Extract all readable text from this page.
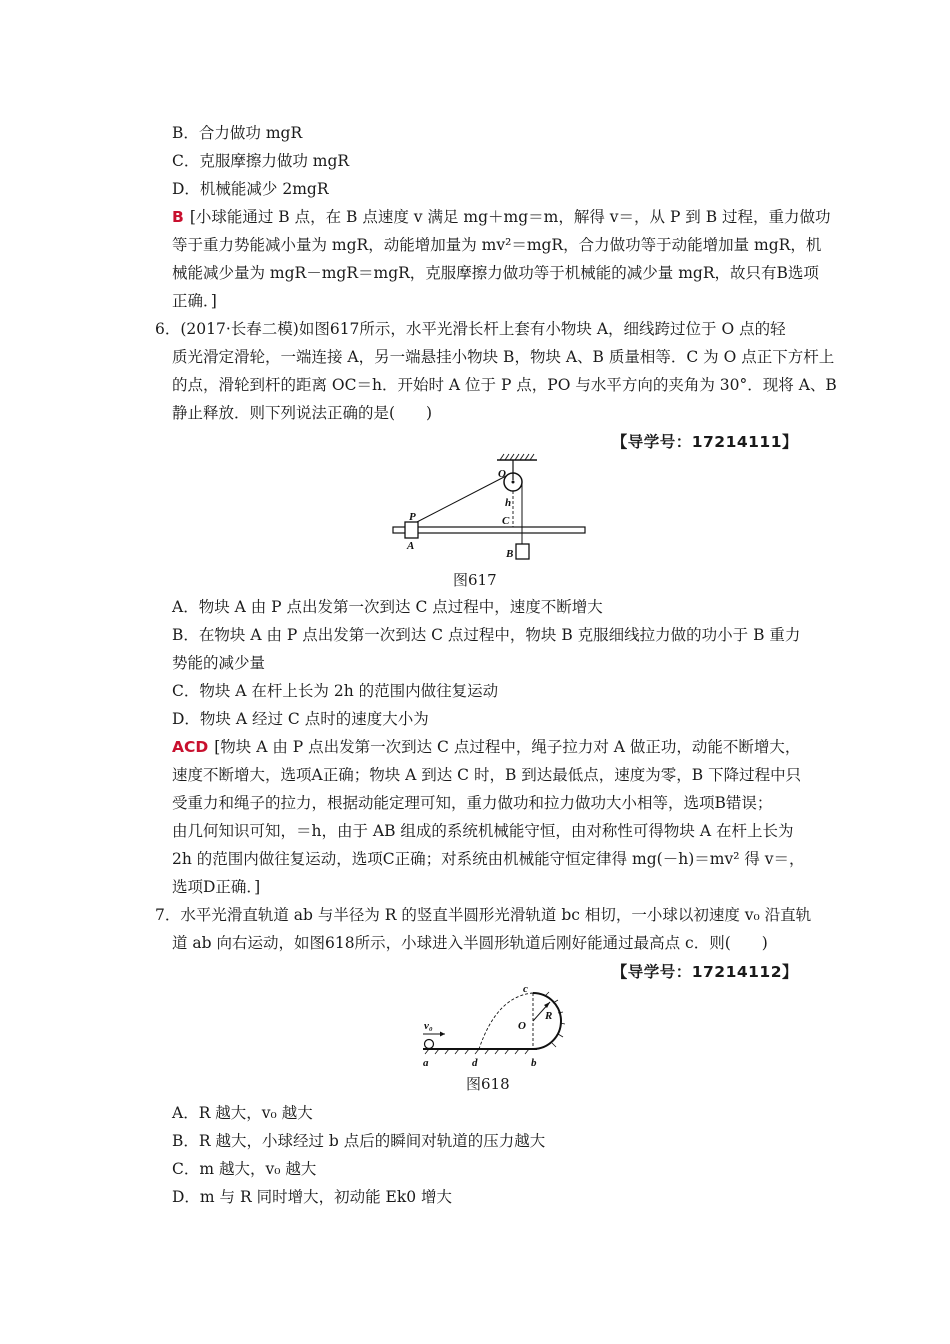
B．合力做功 mgR
C．克服摩擦力做功 mgR
D．机械能减少 2mgR
B [小球能通过 B 点，在 B 点速度 v 满足 mg＋mg＝m，解得 v＝，从 P 到 B 过程，重力做功
等于重力势能减小量为 mgR，动能增加量为 mv²＝mgR，合力做功等于动能增加量 mgR，机
械能减少量为 mgR－mgR＝mgR，克服摩擦力做功等于机械能的减少量 mgR，故只有B选项
正确．]
6．(2017·长春二模)如图617所示，水平光滑长杆上套有小物块 A，细线跨过位于 O 点的轻
质光滑定滑轮，一端连接 A，另一端悬挂小物块 B，物块 A、B 质量相等．C 为 O 点正下方杆上
的点，滑轮到杆的距离 OC＝h．开始时 A 位于 P 点，PO 与水平方向的夹角为 30°．现将 A、B
静止释放．则下列说法正确的是(　　)
【导学号：17214111】
O
P
h
C
A
B
图617
A．物块 A 由 P 点出发第一次到达 C 点过程中，速度不断增大
B．在物块 A 由 P 点出发第一次到达 C 点过程中，物块 B 克服细线拉力做的功小于 B 重力
势能的减少量
C．物块 A 在杆上长为 2h 的范围内做往复运动
D．物块 A 经过 C 点时的速度大小为
ACD [物块 A 由 P 点出发第一次到达 C 点过程中，绳子拉力对 A 做正功，动能不断增大，
速度不断增大，选项A正确；物块 A 到达 C 时，B 到达最低点，速度为零，B 下降过程中只
受重力和绳子的拉力，根据动能定理可知，重力做功和拉力做功大小相等，选项B错误；
由几何知识可知，＝h，由于 AB 组成的系统机械能守恒，由对称性可得物块 A 在杆上长为
2h 的范围内做往复运动，选项C正确；对系统由机械能守恒定律得 mg(－h)＝mv² 得 v＝，
选项D正确．]
7．水平光滑直轨道 ab 与半径为 R 的竖直半圆形光滑轨道 bc 相切，一小球以初速度 v₀ 沿直轨
道 ab 向右运动，如图618所示，小球进入半圆形轨道后刚好能通过最高点 c．则(　　)
【导学号：17214112】
v₀
c
O
R
a	d	b
图618
A．R 越大，v₀ 越大
B．R 越大，小球经过 b 点后的瞬间对轨道的压力越大
C．m 越大，v₀ 越大
D．m 与 R 同时增大，初动能 Ek0 增大
